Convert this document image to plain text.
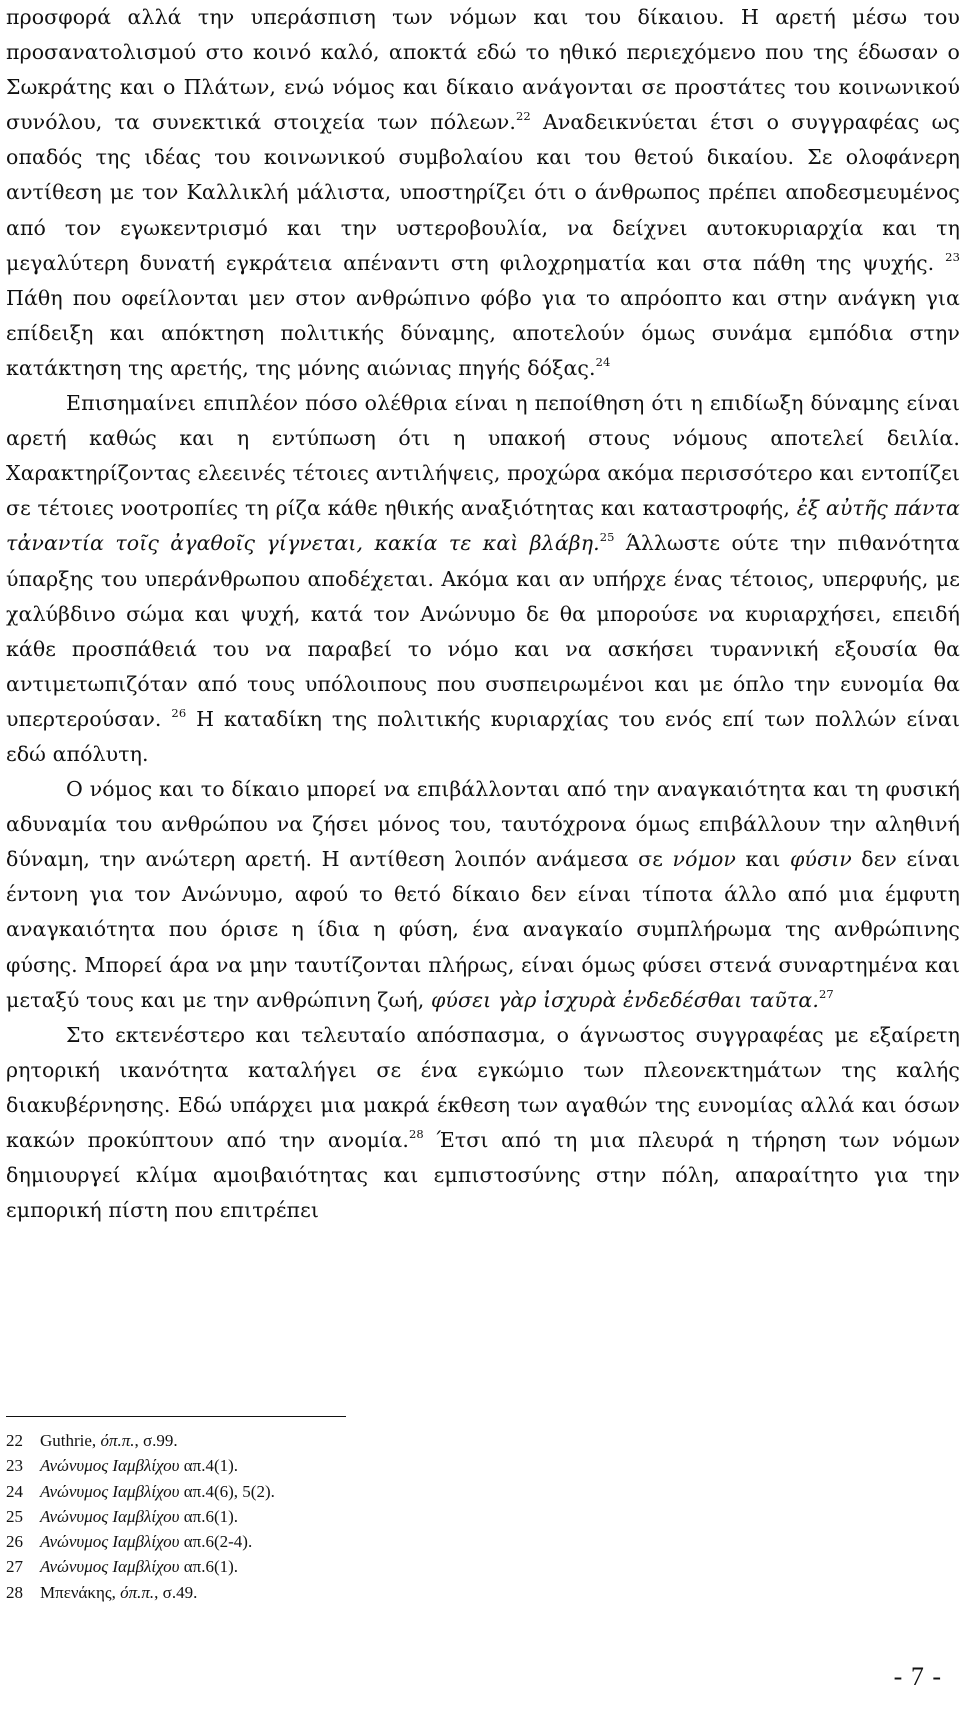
προσφορά αλλά την υπεράσπιση των νόμων και του δίκαιου. Η αρετή μέσω του προσανατολισμού στο κοινό καλό, αποκτά εδώ το ηθικό περιεχόμενο που της έδωσαν ο Σωκράτης και ο Πλάτων, ενώ νόμος και δίκαιο ανάγονται σε προστάτες του κοινωνικού συνόλου, τα συνεκτικά στοιχεία των πόλεων.$^{22}$ Αναδεικνύεται έτσι ο συγγραφέας ως οπαδός της ιδέας του κοινωνικού συμβολαίου και του θετού δικαίου. Σε ολοφάνερη αντίθεση με τον Καλλικλή μάλιστα, υποστηρίζει ότι ο άνθρωπος πρέπει αποδεσμευμένος από τον εγωκεντρισμό και την υστεροβουλία, να δείχνει αυτοκυριαρχία και τη μεγαλύτερη δυνατή εγκράτεια απέναντι στη φιλοχρηματία και στα πάθη της ψυχής. $^{23}$ Πάθη που οφείλονται μεν στον ανθρώπινο φόβο για το απρόοπτο και στην ανάγκη για επίδειξη και απόκτηση πολιτικής δύναμης, αποτελούν όμως συνάμα εμπόδια στην κατάκτηση της αρετής, της μόνης αιώνιας πηγής δόξας.$^{24}$

Επισημαίνει επιπλέον πόσο ολέθρια είναι η πεποίθηση ότι η επιδίωξη δύναμης είναι αρετή καθώς και η εντύπωση ότι η υπακοή στους νόμους αποτελεί δειλία. Χαρακτηρίζοντας ελεεινές τέτοιες αντιλήψεις, προχώρα ακόμα περισσότερο και εντοπίζει σε τέτοιες νοοτροπίες τη ρίζα κάθε ηθικής αναξιότητας και καταστροφής, ἐξ αὐτῆς πάντα τἀναντία τοῖς ἀγαθοῖς γίγνεται, κακία τε καὶ βλάβη.$^{25}$ Άλλωστε ούτε την πιθανότητα ύπαρξης του υπεράνθρωπου αποδέχεται. Ακόμα και αν υπήρχε ένας τέτοιος, υπερφυής, με χαλύβδινο σώμα και ψυχή, κατά τον Ανώνυμο δε θα μπορούσε να κυριαρχήσει, επειδή κάθε προσπάθειά του να παραβεί το νόμο και να ασκήσει τυραννική εξουσία θα αντιμετωπιζόταν από τους υπόλοιπους που συσπειρωμένοι και με όπλο την ευνομία θα υπερτερούσαν. $^{26}$ Η καταδίκη της πολιτικής κυριαρχίας του ενός επί των πολλών είναι εδώ απόλυτη.

Ο νόμος και το δίκαιο μπορεί να επιβάλλονται από την αναγκαιότητα και τη φυσική αδυναμία του ανθρώπου να ζήσει μόνος του, ταυτόχρονα όμως επιβάλλουν την αληθινή δύναμη, την ανώτερη αρετή. Η αντίθεση λοιπόν ανάμεσα σε νόμον και φύσιν δεν είναι έντονη για τον Ανώνυμο, αφού το θετό δίκαιο δεν είναι τίποτα άλλο από μια έμφυτη αναγκαιότητα που όρισε η ίδια η φύση, ένα αναγκαίο συμπλήρωμα της ανθρώπινης φύσης. Μπορεί άρα να μην ταυτίζονται πλήρως, είναι όμως φύσει στενά συναρτημένα και μεταξύ τους και με την ανθρώπινη ζωή, φύσει γὰρ ἰσχυρὰ ἐνδεδέσθαι ταῦτα.$^{27}$

Στο εκτενέστερο και τελευταίο απόσπασμα, ο άγνωστος συγγραφέας με εξαίρετη ρητορική ικανότητα καταλήγει σε ένα εγκώμιο των πλεονεκτημάτων της καλής διακυβέρνησης. Εδώ υπάρχει μια μακρά έκθεση των αγαθών της ευνομίας αλλά και όσων κακών προκύπτουν από την ανομία.$^{28}$ Έτσι από τη μια πλευρά η τήρηση των νόμων δημιουργεί κλίμα αμοιβαιότητας και εμπιστοσύνης στην πόλη, απαραίτητο για την εμπορική πίστη που επιτρέπει

22	Guthrie, όπ.π., σ.99.
23	Ανώνυμος Ιαμβλίχου απ.4(1).
24	Ανώνυμος Ιαμβλίχου απ.4(6), 5(2).
25	Ανώνυμος Ιαμβλίχου απ.6(1).
26	Ανώνυμος Ιαμβλίχου απ.6(2-4).
27	Ανώνυμος Ιαμβλίχου απ.6(1).
28	Μπενάκης, όπ.π., σ.49.
- 7 -
